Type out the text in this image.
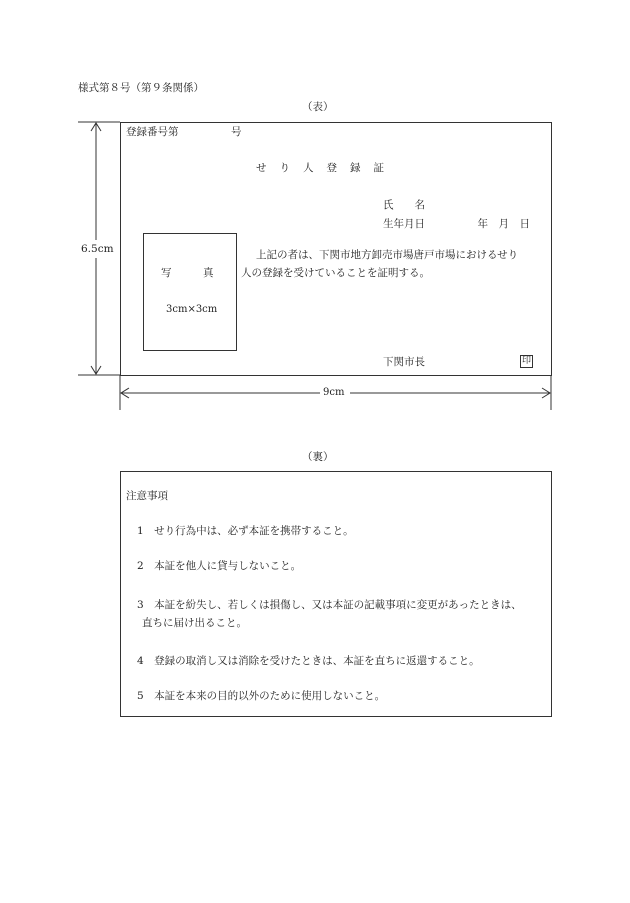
様式第８号（第９条関係）
（表）
6.5cm
9cm
登録番号第　　　　　号
せり人登録証
氏　　名
生年月日　　　　　年　月　日
写　　　真
3cm×3cm
上記の者は、下関市地方卸売市場唐戸市場におけるせり
人の登録を受けていることを証明する。
下関市長	印
（裏）
注意事項
1　せり行為中は、必ず本証を携帯すること。
2　本証を他人に貸与しないこと。
3　本証を紛失し、若しくは損傷し、又は本証の記載事項に変更があったときは、
直ちに届け出ること。
4　登録の取消し又は消除を受けたときは、本証を直ちに返還すること。
5　本証を本来の目的以外のために使用しないこと。
